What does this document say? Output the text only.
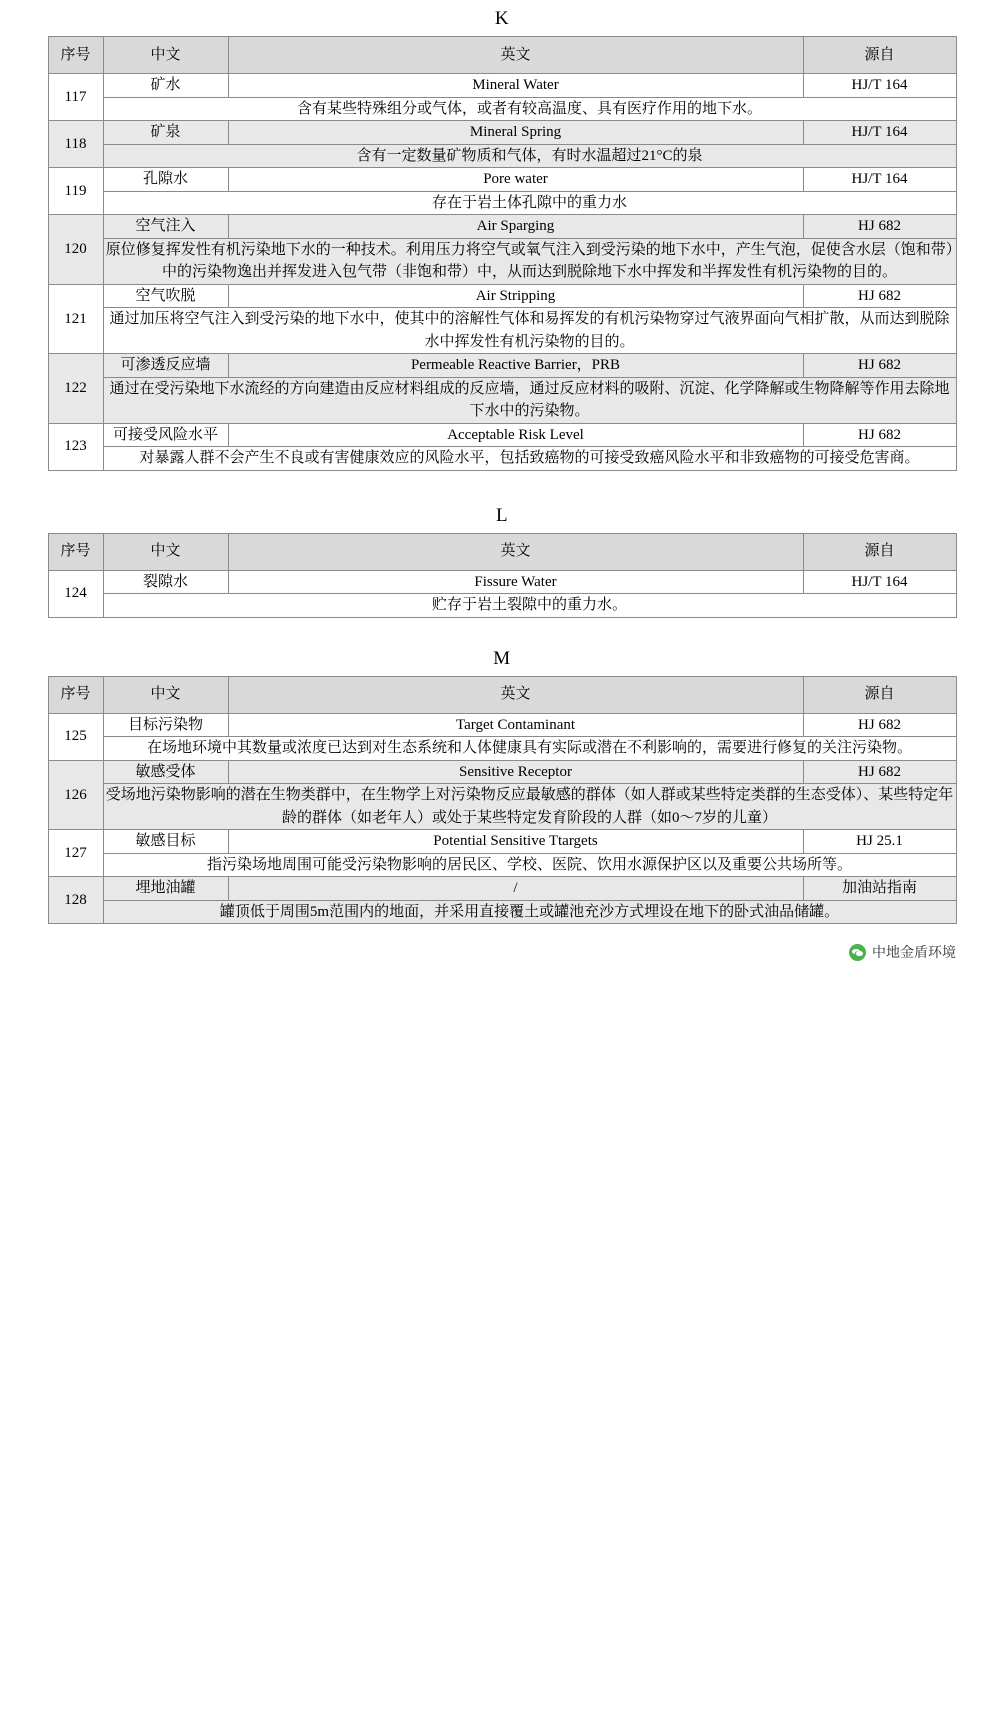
K
序号	中文	英文	源自
117	矿水	Mineral Water	HJ/T 164
	含有某些特殊组分或气体，或者有较高温度、具有医疗作用的地下水。		
118	矿泉	Mineral Spring	HJ/T 164
	含有一定数量矿物质和气体，有时水温超过21°C的泉		
119	孔隙水	Pore water	HJ/T 164
	存在于岩土体孔隙中的重力水		
120	空气注入	Air Sparging	HJ 682
	原位修复挥发性有机污染地下水的一种技术。利用压力将空气或氧气注入到受污染的地下水中，产生气泡，促使含水层（饱和带）中的污染物逸出并挥发进入包气带（非饱和带）中，从而达到脱除地下水中挥发和半挥发性有机污染物的目的。		
121	空气吹脱	Air Stripping	HJ 682
	通过加压将空气注入到受污染的地下水中，使其中的溶解性气体和易挥发的有机污染物穿过气液界面向气相扩散，从而达到脱除水中挥发性有机污染物的目的。		
122	可渗透反应墙	Permeable Reactive Barrier，PRB	HJ 682
	通过在受污染地下水流经的方向建造由反应材料组成的反应墙，通过反应材料的吸附、沉淀、化学降解或生物降解等作用去除地下水中的污染物。		
123	可接受风险水平	Acceptable Risk Level	HJ 682
	对暴露人群不会产生不良或有害健康效应的风险水平，包括致癌物的可接受致癌风险水平和非致癌物的可接受危害商。		
L
序号	中文	英文	源自
124	裂隙水	Fissure Water	HJ/T 164
	贮存于岩土裂隙中的重力水。		
M
序号	中文	英文	源自
125	目标污染物	Target Contaminant	HJ 682
	在场地环境中其数量或浓度已达到对生态系统和人体健康具有实际或潜在不利影响的，需要进行修复的关注污染物。		
126	敏感受体	Sensitive Receptor	HJ 682
	受场地污染物影响的潜在生物类群中，在生物学上对污染物反应最敏感的群体（如人群或某些特定类群的生态受体）、某些特定年龄的群体（如老年人）或处于某些特定发育阶段的人群（如0～7岁的儿童）		
127	敏感目标	Potential Sensitive Ttargets	HJ 25.1
	指污染场地周围可能受污染物影响的居民区、学校、医院、饮用水源保护区以及重要公共场所等。		
128	埋地油罐	/	加油站指南
	罐顶低于周围5m范围内的地面，并采用直接覆土或罐池充沙方式埋设在地下的卧式油品储罐。		
中地金盾环境
